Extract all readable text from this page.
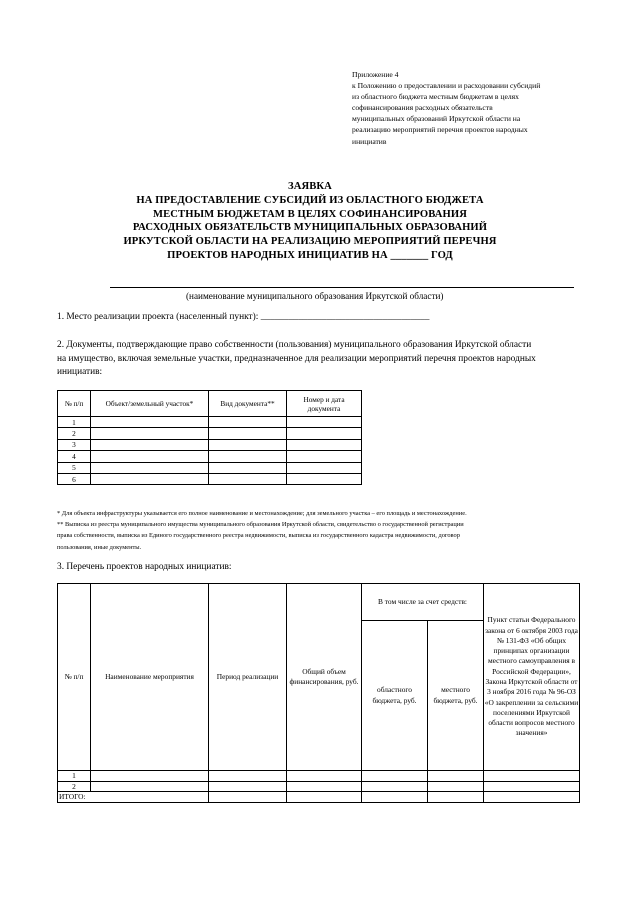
Приложение 4
к Положению о предоставлении и расходовании субсидий
из областного бюджета местным бюджетам в целях
софинансирования расходных обязательств
муниципальных образований Иркутской области на
реализацию мероприятий перечня проектов народных
инициатив
ЗАЯВКА
НА ПРЕДОСТАВЛЕНИЕ СУБСИДИЙ ИЗ ОБЛАСТНОГО БЮДЖЕТА
МЕСТНЫМ БЮДЖЕТАМ В ЦЕЛЯХ СОФИНАНСИРОВАНИЯ
РАСХОДНЫХ ОБЯЗАТЕЛЬСТВ МУНИЦИПАЛЬНЫХ ОБРАЗОВАНИЙ
ИРКУТСКОЙ ОБЛАСТИ НА РЕАЛИЗАЦИЮ МЕРОПРИЯТИЙ ПЕРЕЧНЯ
ПРОЕКТОВ НАРОДНЫХ ИНИЦИАТИВ НА _______ ГОД
(наименование муниципального образования Иркутской области)
1. Место реализации проекта (населенный пункт): ____________________________________
2. Документы, подтверждающие право собственности (пользования) муниципального образования Иркутской области
на имущество, включая земельные участки, предназначенное для реализации мероприятий перечня проектов народных
инициатив:
№ п/п	Объект/земельный участок*	Вид документа**	Номер и дата документа
1			
2			
3			
4			
5			
6			
* Для объекта инфраструктуры указывается его полное наименование и местонахождение; для земельного участка – его площадь и местонахождение.
** Выписка из реестра муниципального имущества муниципального образования Иркутской области, свидетельство о государственной регистрации
права собственности, выписка из Единого государственного реестра недвижимости, выписка из государственного кадастра недвижимости, договор
пользования, иные документы.
3. Перечень проектов народных инициатив:
№ п/п	Наименование мероприятия	Период реализации	Общий объем финансирования, руб.	В том числе за счет средств:		Пункт статьи Федерального закона от 6 октября 2003 года № 131-ФЗ «Об общих принципах организации местного самоуправления в Российской Федерации», Закона Иркутской области от 3 ноября 2016 года № 96-ОЗ «О закреплении за сельскими поселениями Иркутской области вопросов местного значения»
				областного бюджета, руб.	местного бюджета, руб.	
1						
2						
ИТОГО:						
